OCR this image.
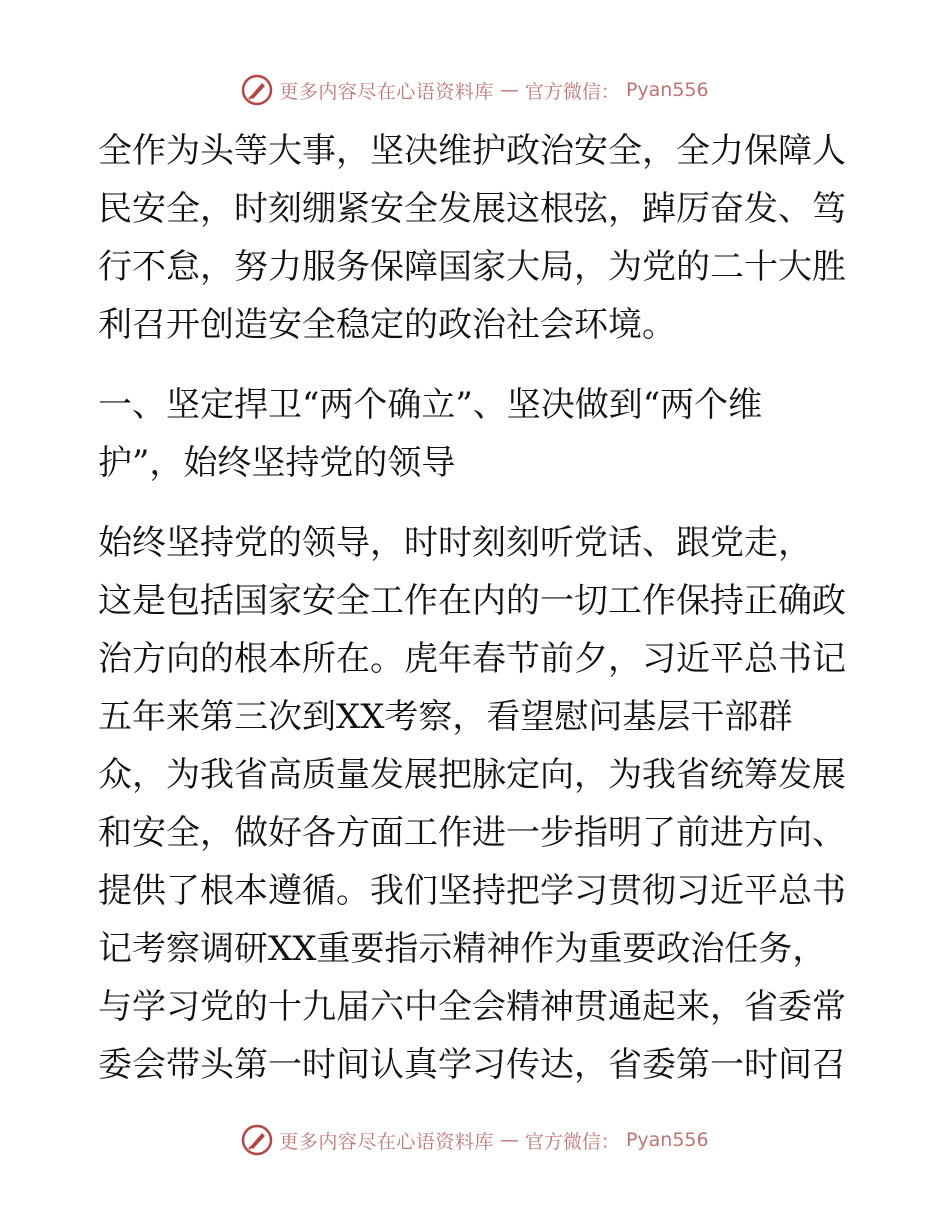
更多内容尽在心语资料库 — 官方微信： Pyan556
全作为头等大事，坚决维护政治安全，全力保障人
民安全，时刻绷紧安全发展这根弦，踔厉奋发、笃
行不怠，努力服务保障国家大局，为党的二十大胜
利召开创造安全稳定的政治社会环境。
一、坚定捍卫“两个确立”、坚决做到“两个维
护”，始终坚持党的领导
始终坚持党的领导，时时刻刻听党话、跟党走，
这是包括国家安全工作在内的一切工作保持正确政
治方向的根本所在。虎年春节前夕，习近平总书记
五年来第三次到XX考察，看望慰问基层干部群
众，为我省高质量发展把脉定向，为我省统筹发展
和安全，做好各方面工作进一步指明了前进方向、
提供了根本遵循。我们坚持把学习贯彻习近平总书
记考察调研XX重要指示精神作为重要政治任务，
与学习党的十九届六中全会精神贯通起来，省委常
委会带头第一时间认真学习传达，省委第一时间召
更多内容尽在心语资料库 — 官方微信： Pyan556
